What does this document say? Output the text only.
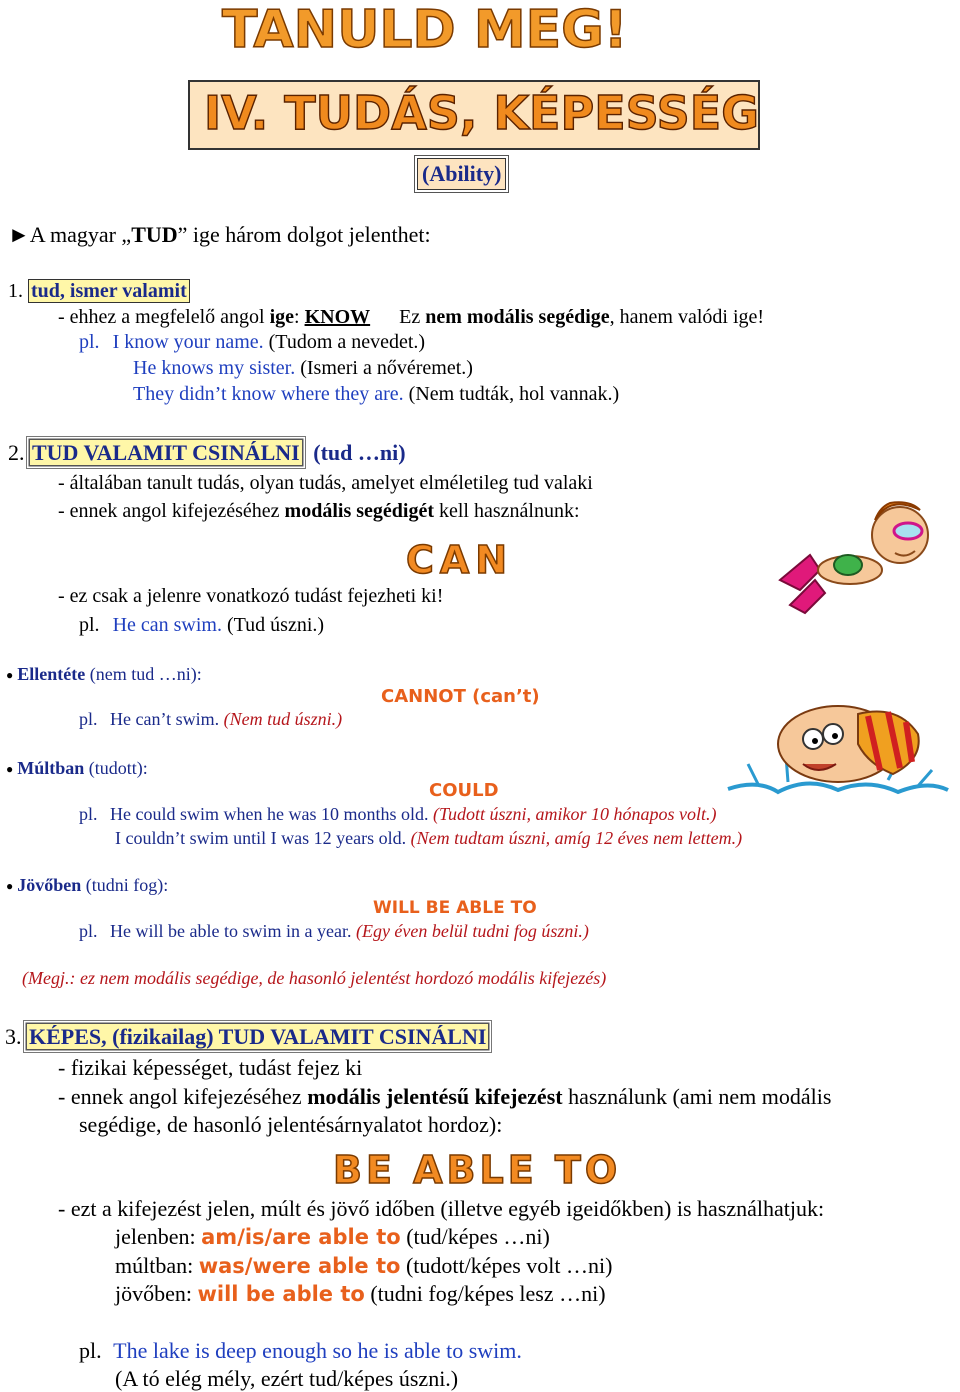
TANULD MEG!
IV. TUDÁS, KÉPESSÉG
(Ability)
►A magyar „TUD” ige három dolgot jelenthet:
1. tud, ismer valamit
- ehhez a megfelelő angol ige: KNOW Ez nem modális segédige, hanem valódi ige!
pl. I know your name. (Tudom a nevedet.)
He knows my sister. (Ismeri a nővéremet.)
They didn’t know where they are. (Nem tudták, hol vannak.)
2. TUD VALAMIT CSINÁLNI (tud …ni)
- általában tanult tudás, olyan tudás, amelyet elméletileg tud valaki
- ennek angol kifejezéséhez modális segédigét kell használnunk:
CAN
- ez csak a jelenre vonatkozó tudást fejezheti ki!
pl. He can swim. (Tud úszni.)
● Ellentéte (nem tud …ni):
CANNOT (can’t)
pl. He can’t swim. (Nem tud úszni.)
● Múltban (tudott):
COULD
pl. He could swim when he was 10 months old. (Tudott úszni, amikor 10 hónapos volt.)
I couldn’t swim until I was 12 years old. (Nem tudtam úszni, amíg 12 éves nem lettem.)
● Jövőben (tudni fog):
WILL BE ABLE TO
pl. He will be able to swim in a year. (Egy éven belül tudni fog úszni.)
(Megj.: ez nem modális segédige, de hasonló jelentést hordozó modális kifejezés)
3. KÉPES, (fizikailag) TUD VALAMIT CSINÁLNI
- fizikai képességet, tudást fejez ki
- ennek angol kifejezéséhez modális jelentésű kifejezést használunk (ami nem modális
segédige, de hasonló jelentésárnyalatot hordoz):
BE ABLE TO
- ezt a kifejezést jelen, múlt és jövő időben (illetve egyéb igeidőkben) is használhatjuk:
jelenben: am/is/are able to (tud/képes …ni)
múltban: was/were able to (tudott/képes volt …ni)
jövőben: will be able to (tudni fog/képes lesz …ni)
pl. The lake is deep enough so he is able to swim.
(A tó elég mély, ezért tud/képes úszni.)
